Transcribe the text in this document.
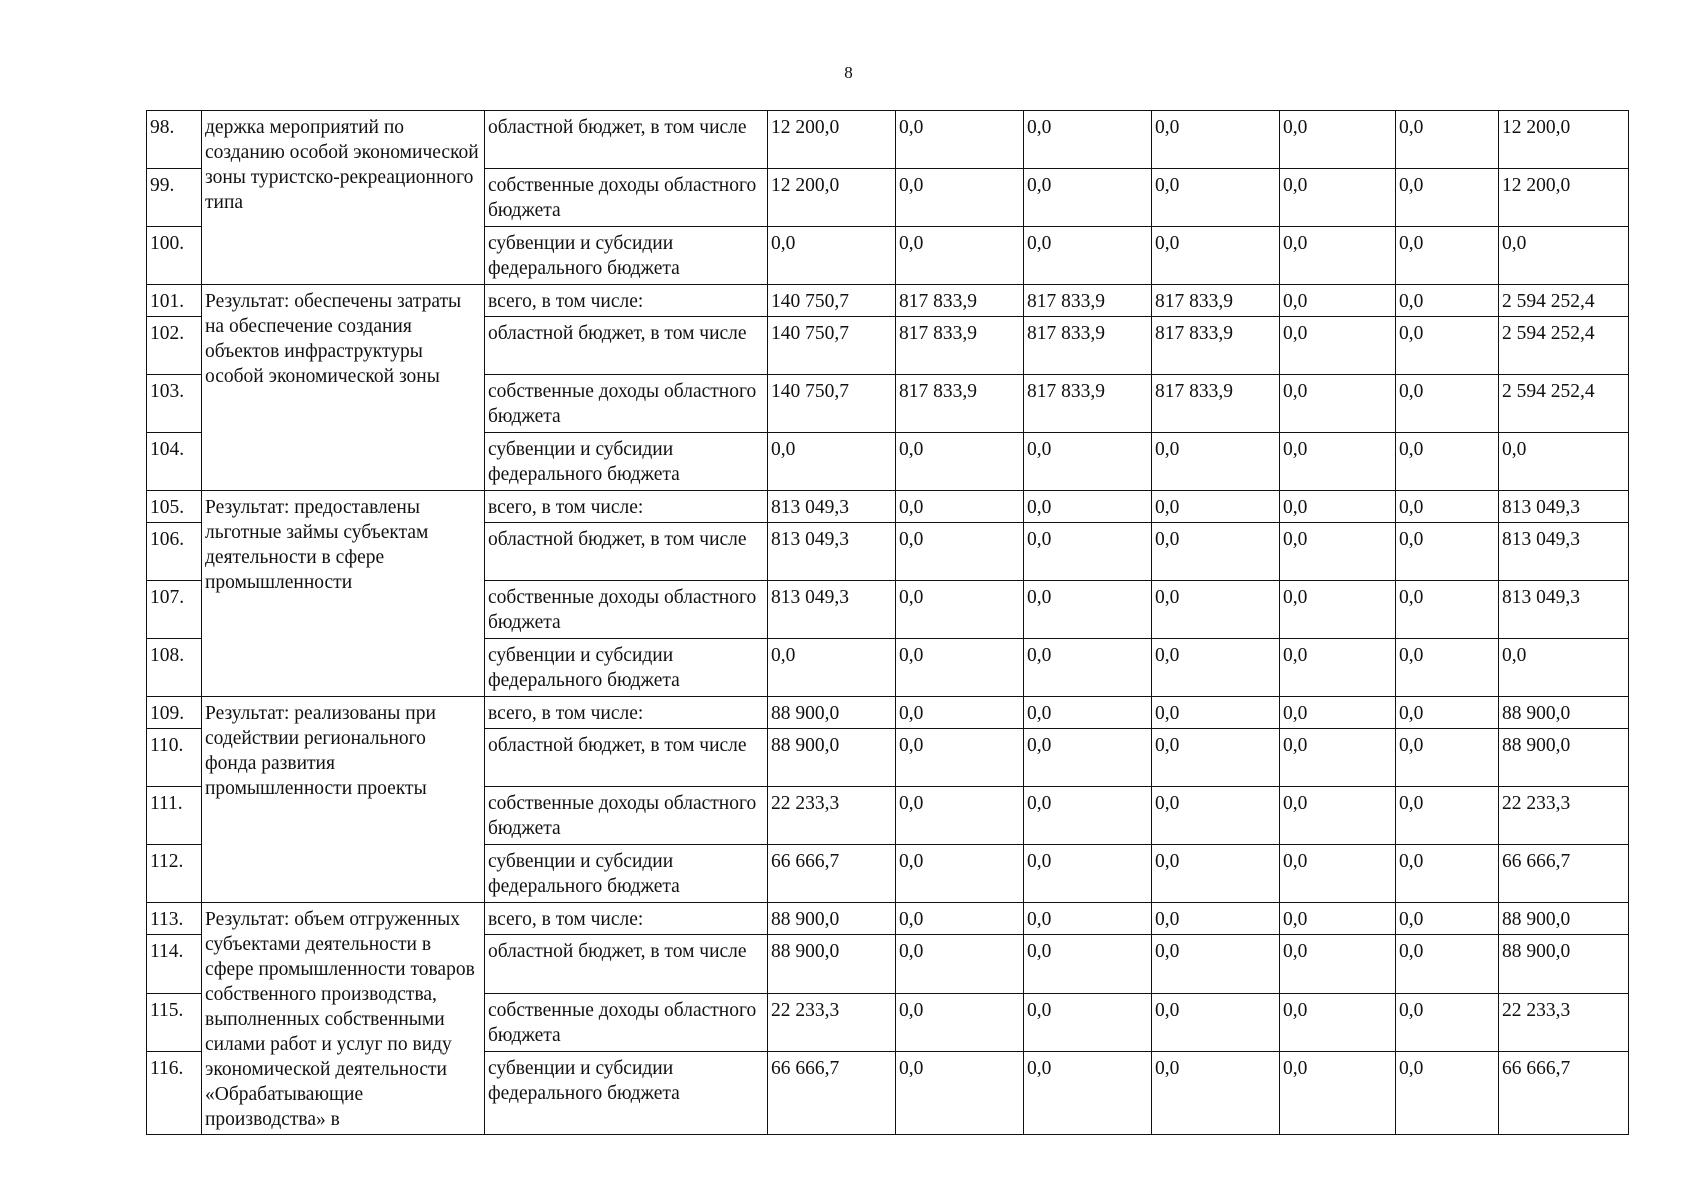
8
98.	держка мероприятий по созданию особой экономической зоны туристско-рекреационного типа	областной бюджет, в том числе	12 200,0	0,0	0,0	0,0	0,0	0,0	12 200,0
99.		собственные доходы областного бюджета	12 200,0	0,0	0,0	0,0	0,0	0,0	12 200,0
100.		субвенции и субсидии федерального бюджета	0,0	0,0	0,0	0,0	0,0	0,0	0,0
101.	Результат: обеспечены затраты на обеспечение создания объектов инфраструктуры особой экономической зоны	всего, в том числе:	140 750,7	817 833,9	817 833,9	817 833,9	0,0	0,0	2 594 252,4
102.		областной бюджет, в том числе	140 750,7	817 833,9	817 833,9	817 833,9	0,0	0,0	2 594 252,4
103.		собственные доходы областного бюджета	140 750,7	817 833,9	817 833,9	817 833,9	0,0	0,0	2 594 252,4
104.		субвенции и субсидии федерального бюджета	0,0	0,0	0,0	0,0	0,0	0,0	0,0
105.	Результат: предоставлены льготные займы субъектам деятельности в сфере промышленности	всего, в том числе:	813 049,3	0,0	0,0	0,0	0,0	0,0	813 049,3
106.		областной бюджет, в том числе	813 049,3	0,0	0,0	0,0	0,0	0,0	813 049,3
107.		собственные доходы областного бюджета	813 049,3	0,0	0,0	0,0	0,0	0,0	813 049,3
108.		субвенции и субсидии федерального бюджета	0,0	0,0	0,0	0,0	0,0	0,0	0,0
109.	Результат: реализованы при содействии регионального фонда развития промышленности проекты	всего, в том числе:	88 900,0	0,0	0,0	0,0	0,0	0,0	88 900,0
110.		областной бюджет, в том числе	88 900,0	0,0	0,0	0,0	0,0	0,0	88 900,0
111.		собственные доходы областного бюджета	22 233,3	0,0	0,0	0,0	0,0	0,0	22 233,3
112.		субвенции и субсидии федерального бюджета	66 666,7	0,0	0,0	0,0	0,0	0,0	66 666,7
113.	Результат: объем отгруженных субъектами деятельности в сфере промышленности товаров собственного производства, выполненных собственными силами работ и услуг по виду экономической деятельности «Обрабатывающие производства» в	всего, в том числе:	88 900,0	0,0	0,0	0,0	0,0	0,0	88 900,0
114.		областной бюджет, в том числе	88 900,0	0,0	0,0	0,0	0,0	0,0	88 900,0
115.		собственные доходы областного бюджета	22 233,3	0,0	0,0	0,0	0,0	0,0	22 233,3
116.		субвенции и субсидии федерального бюджета	66 666,7	0,0	0,0	0,0	0,0	0,0	66 666,7
